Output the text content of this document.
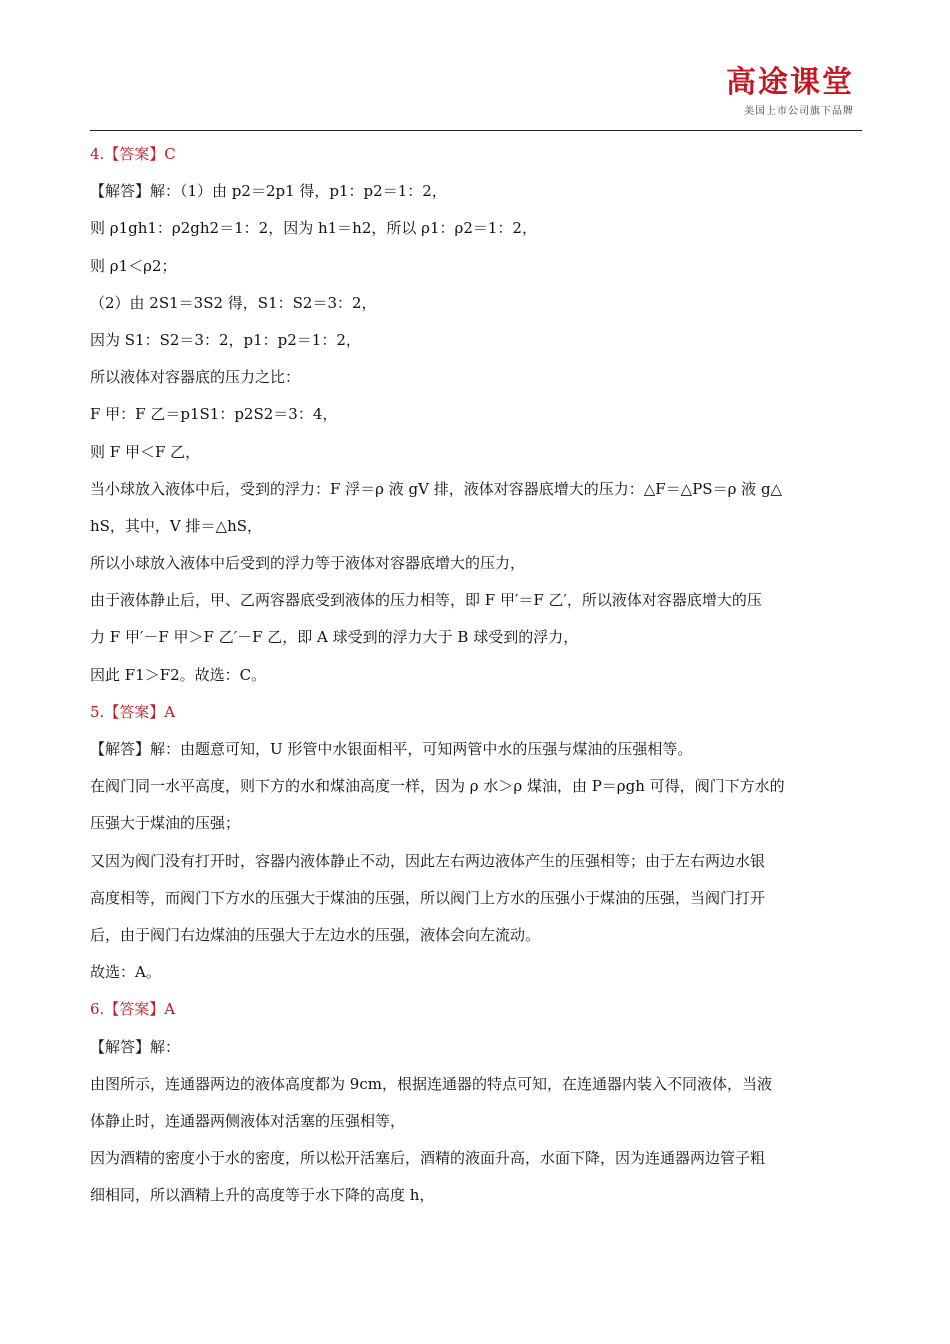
高途课堂
美国上市公司旗下品牌
4.【答案】C
【解答】解：（1）由 p2＝2p1 得，p1：p2＝1：2，
则 ρ1gh1：ρ2gh2＝1：2，因为 h1＝h2，所以 ρ1：ρ2＝1：2，
则 ρ1＜ρ2；
（2）由 2S1＝3S2 得，S1：S2＝3：2，
因为 S1：S2＝3：2，p1：p2＝1：2，
所以液体对容器底的压力之比：
F 甲：F 乙＝p1S1：p2S2＝3：4，
则 F 甲＜F 乙，
当小球放入液体中后，受到的浮力：F 浮＝ρ 液 gV 排，液体对容器底增大的压力：△F＝△PS＝ρ 液 g△
hS，其中，V 排＝△hS，
所以小球放入液体中后受到的浮力等于液体对容器底增大的压力，
由于液体静止后，甲、乙两容器底受到液体的压力相等，即 F 甲′＝F 乙′，所以液体对容器底增大的压
力 F 甲′－F 甲＞F 乙′－F 乙，即 A 球受到的浮力大于 B 球受到的浮力，
因此 F1＞F2。故选：C。
5.【答案】A
【解答】解：由题意可知，U 形管中水银面相平，可知两管中水的压强与煤油的压强相等。
在阀门同一水平高度，则下方的水和煤油高度一样，因为 ρ 水＞ρ 煤油，由 P＝ρgh 可得，阀门下方水的
压强大于煤油的压强；
又因为阀门没有打开时，容器内液体静止不动，因此左右两边液体产生的压强相等；由于左右两边水银
高度相等，而阀门下方水的压强大于煤油的压强，所以阀门上方水的压强小于煤油的压强，当阀门打开
后，由于阀门右边煤油的压强大于左边水的压强，液体会向左流动。
故选：A。
6.【答案】A
【解答】解：
由图所示，连通器两边的液体高度都为 9cm，根据连通器的特点可知，在连通器内装入不同液体，当液
体静止时，连通器两侧液体对活塞的压强相等，
因为酒精的密度小于水的密度，所以松开活塞后，酒精的液面升高，水面下降，因为连通器两边管子粗
细相同，所以酒精上升的高度等于水下降的高度 h，
